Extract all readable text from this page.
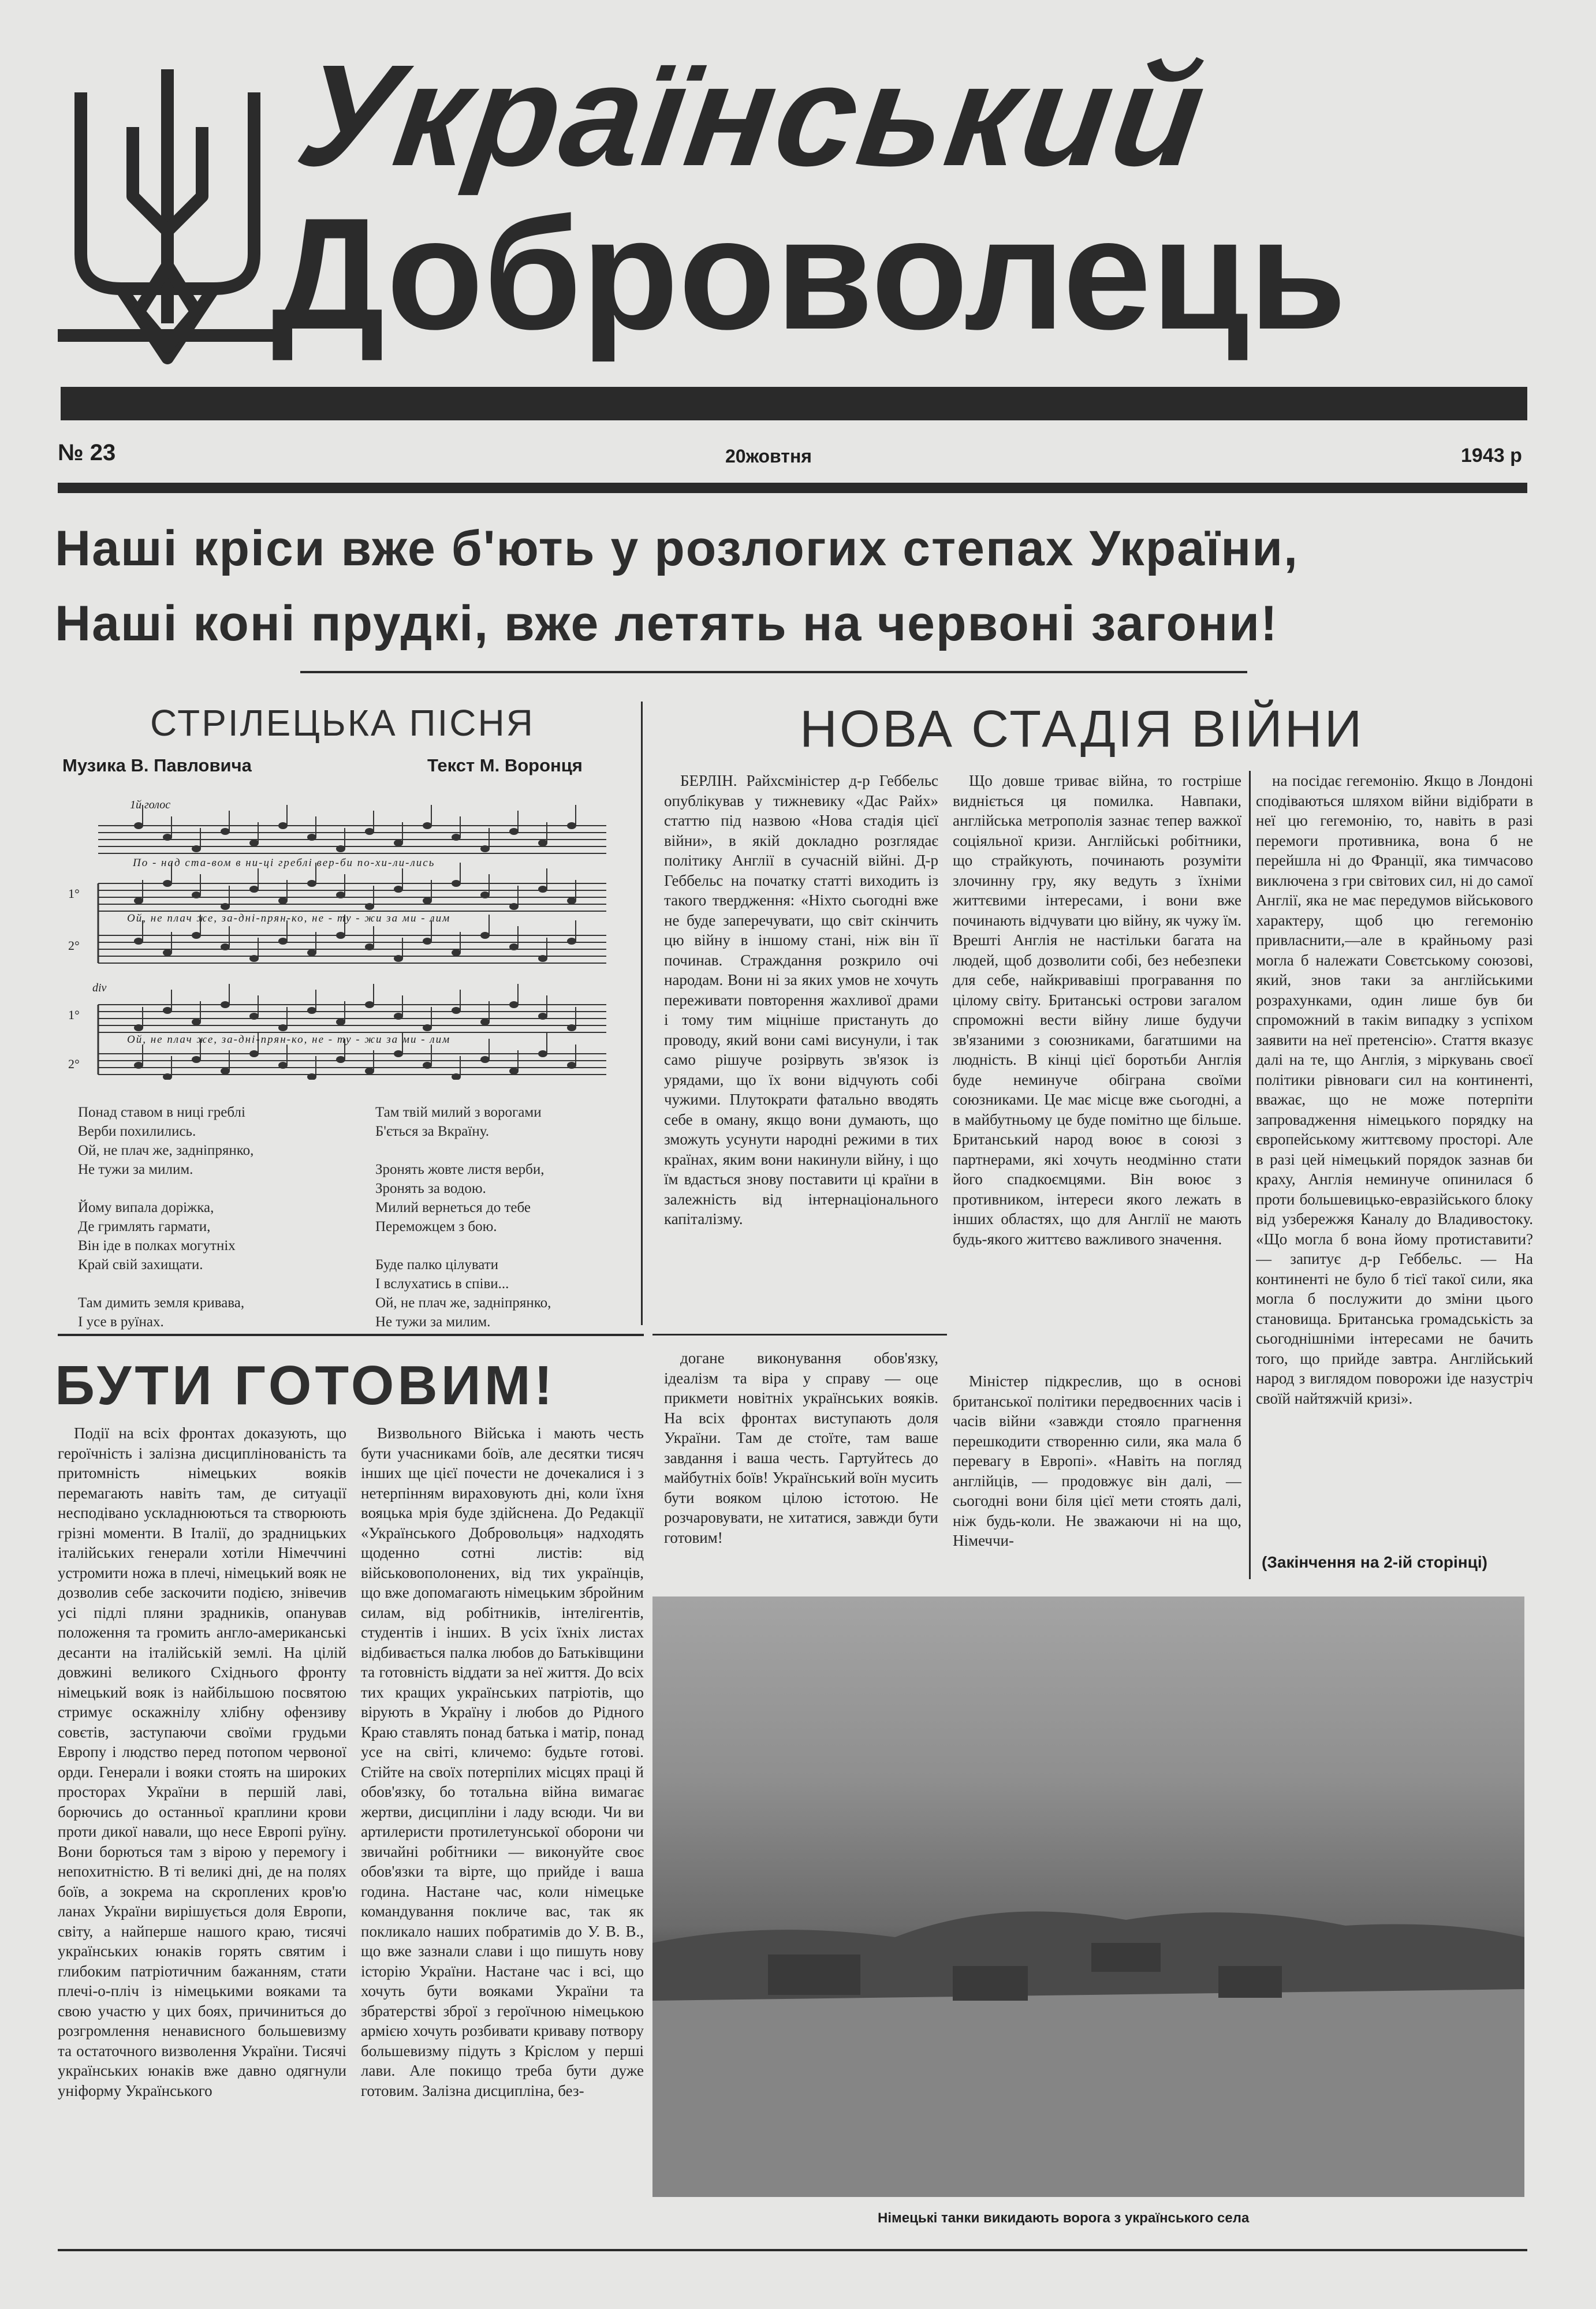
Український
Доброволець
№ 23	20жовтня	1943 р
Наші кріси вже б'ють у розлогих степах України,
Наші коні прудкі, вже летять на червоні загони!
СТРІЛЕЦЬКА ПІСНЯ
Музика В. Павловича	Текст М. Воронця
1й голос
1°
2°
div
1°
2°
По - над ста-вом в ни-ці греблі вер-би по-хи-ли-лись
Ой, не плач же, за-дні-прян-ко, не - ту - жи за ми - лим
Ой, не плач же, за-дні-прян-ко, не - ту - жи за ми - лим
Понад ставом в ниці греблі
Верби похилились.
Ой, не плач же, задніпрянко,
Не тужи за милим.

Йому випала доріжка,
Де гримлять гармати,
Він іде в полках могутніх
Край свій захищати.

Там димить земля кривава,
І усе в руїнах.
Там твій милий з ворогами
Б'ється за Вкраїну.

Зронять жовте листя верби,
Зронять за водою.
Милий вернеться до тебе
Переможцем з бою.

Буде палко цілувати
І вслухатись в співи...
Ой, не плач же, задніпрянко,
Не тужи за милим.
БУТИ ГОТОВИМ!

Події на всіх фронтах доказують, що героїчність і залізна дисциплінованість та притомність німецьких вояків перемагають навіть там, де ситуації несподівано ускладнюються та створюють грізні моменти. В Італії, до зрадницьких італійських генерали хотіли Німеччині устромити ножа в плечі, німецький вояк не дозволив себе заскочити подією, знівечив усі підлі пляни зрадників, опанував положення та громить англо-американські десанти на італійській землі. На цілій довжині великого Східнього фронту німецький вояк із найбільшою посвятою стримує оскажнілу хлібну офензиву совєтів, заступаючи своїми грудьми Европу і людство перед потопом червоної орди. Генерали і вояки стоять на широких просторах України в першій лаві, борючись до останньої краплини крови проти дикої навали, що несе Европі руїну. Вони борються там з вірою у перемогу і непохитністю. В ті великі дні, де на полях боїв, а зокрема на скроплених кров'ю ланах України вирішується доля Европи, світу, а найперше нашого краю, тисячі українських юнаків горять святим і глибоким патріотичним бажанням, стати плечі-о-пліч із німецькими вояками та свою участю у цих боях, причиниться до розгромлення ненависного большевизму та остаточного визволення України. Тисячі українських юнаків вже давно одягнули уніформу Українського

Визвольного Війська і мають честь бути учасниками боїв, але десятки тисяч інших ще цієї почести не дочекалися і з нетерпінням вираховують дні, коли їхня вояцька мрія буде здійснена. До Редакції «Українського Добровольця» надходять щоденно сотні листів: від військовополонених, від тих українців, що вже допомагають німецьким збройним силам, від робітників, інтелігентів, студентів і інших. В усіх їхніх листах відбивається палка любов до Батьківщини та готовність віддати за неї життя. До всіх тих кращих українських патріотів, що вірують в Україну і любов до Рідного Краю ставлять понад батька і матір, понад усе на світі, кличемо: будьте готові. Стійте на своїх потерпілих місцях праці й обов'язку, бо тотальна війна вимагає жертви, дисципліни і ладу всюди. Чи ви артилеристи протилетунської оборони чи звичайні робітники — виконуйте своє обов'язки та вірте, що прийде і ваша година. Настане час, коли німецьке командування покличе вас, так як покликало наших побратимів до У. В. В., що вже зазнали слави і що пишуть нову історію України. Настане час і всі, що хочуть бути вояками України та збратерстві зброї з героїчною німецькою армією хочуть розбивати криваву потвору большевизму підуть з Кріслом у перші лави. Але покищо треба бути дуже готовим. Залізна дисципліна, без-

НОВА СТАДІЯ ВІЙНИ

БЕРЛІН. Райхсміністер д-р Геббельс опублікував у тижневику «Дас Райх» статтю під назвою «Нова стадія цієї війни», в якій докладно розглядає політику Англії в сучасній війні. Д-р Геббельс на початку статті виходить із такого твердження: «Ніхто сьогодні вже не буде заперечувати, що світ скінчить цю війну в іншому стані, ніж він її починав. Страждання розкрило очі народам. Вони ні за яких умов не хочуть переживати повторення жахливої драми і тому тим міцніше пристануть до проводу, який вони самі висунули, і так само рішуче розірвуть зв'язок із урядами, що їх вони відчують собі чужими. Плутократи фатально вводять себе в оману, якщо вони думають, що зможуть усунути народні режими в тих країнах, яким вони накинули війну, і що їм вдасться знову поставити ці країни в залежність від інтернаціонального капіталізму.

Що довше триває війна, то гостріше видніється ця помилка. Навпаки, англійська метрополія зазнає тепер важкої соціяльної кризи. Англійські робітники, що страйкують, починають розуміти злочинну гру, яку ведуть з їхніми життєвими інтересами, і вони вже починають відчувати цю війну, як чужу їм. Врешті Англія не настільки багата на людей, щоб дозволити собі, без небезпеки для себе, найкривавіші програвання по цілому світу. Британські острови загалом спроможні вести війну лише будучи зв'язаними з союзниками, багатшими на людність. В кінці цієї боротьби Англія буде неминуче обіграна своїми союзниками. Це має місце вже сьогодні, а в майбутньому це буде помітно ще більше. Британський народ воює в союзі з партнерами, які хочуть неодмінно стати його спадкоємцями. Він воює з противником, інтереси якого лежать в інших областях, що для Англії не мають будь-якого життєво важливого значення.

на посідає гегемонію. Якщо в Лондоні сподіваються шляхом війни відібрати в неї цю гегемонію, то, навіть в разі перемоги противника, вона б не перейшла ні до Франції, яка тимчасово виключена з гри світових сил, ні до самої Англії, яка не має передумов військового характеру, щоб цю гегемонію привласнити,—але в крайньому разі могла б належати Совєтському союзові, який, знов таки за англійськими розрахунками, один лише був би спроможний в такім випадку з успіхом заявити на неї претенсію». Стаття вказує далі на те, що Англія, з міркувань своєї політики рівноваги сил на континенті, вважає, що не може потерпіти запровадження німецького порядку на європейському життєвому просторі. Але в разі цей німецький порядок зазнав би краху, Англія неминуче опинилася б проти большевицько-евразійського блоку від узбережжя Каналу до Владивостоку. «Що могла б вона йому протиставити? — запитує д-р Геббельс. — На континенті не було б тієї такої сили, яка могла б послужити до зміни цього становища. Британська громадськість за сьогоднішніми інтересами не бачить того, що прийде завтра. Англійський народ з виглядом поворожи іде назустріч своїй найтяжчій кризі».

догане виконування обов'язку, ідеалізм та віра у справу — оце прикмети новітніх українських вояків. На всіх фронтах виступають доля України. Там де стоїте, там ваше завдання і ваша честь. Гартуйтесь до майбутніх боїв! Український воїн мусить бути вояком цілою істотою. Не розчаровувати, не хитатися, завжди бути готовим!

Міністер підкреслив, що в основі британської політики передвоєнних часів і часів війни «завжди стояло прагнення перешкодити створенню сили, яка мала б перевагу в Европі». «Навіть на погляд англійців, — продовжує він далі, — сьогодні вони біля цієї мети стоять далі, ніж будь-коли. Не зважаючи ні на що, Німеччи-

(Закінчення на 2-ій сторінці)
Німецькі танки викидають ворога з українського села
